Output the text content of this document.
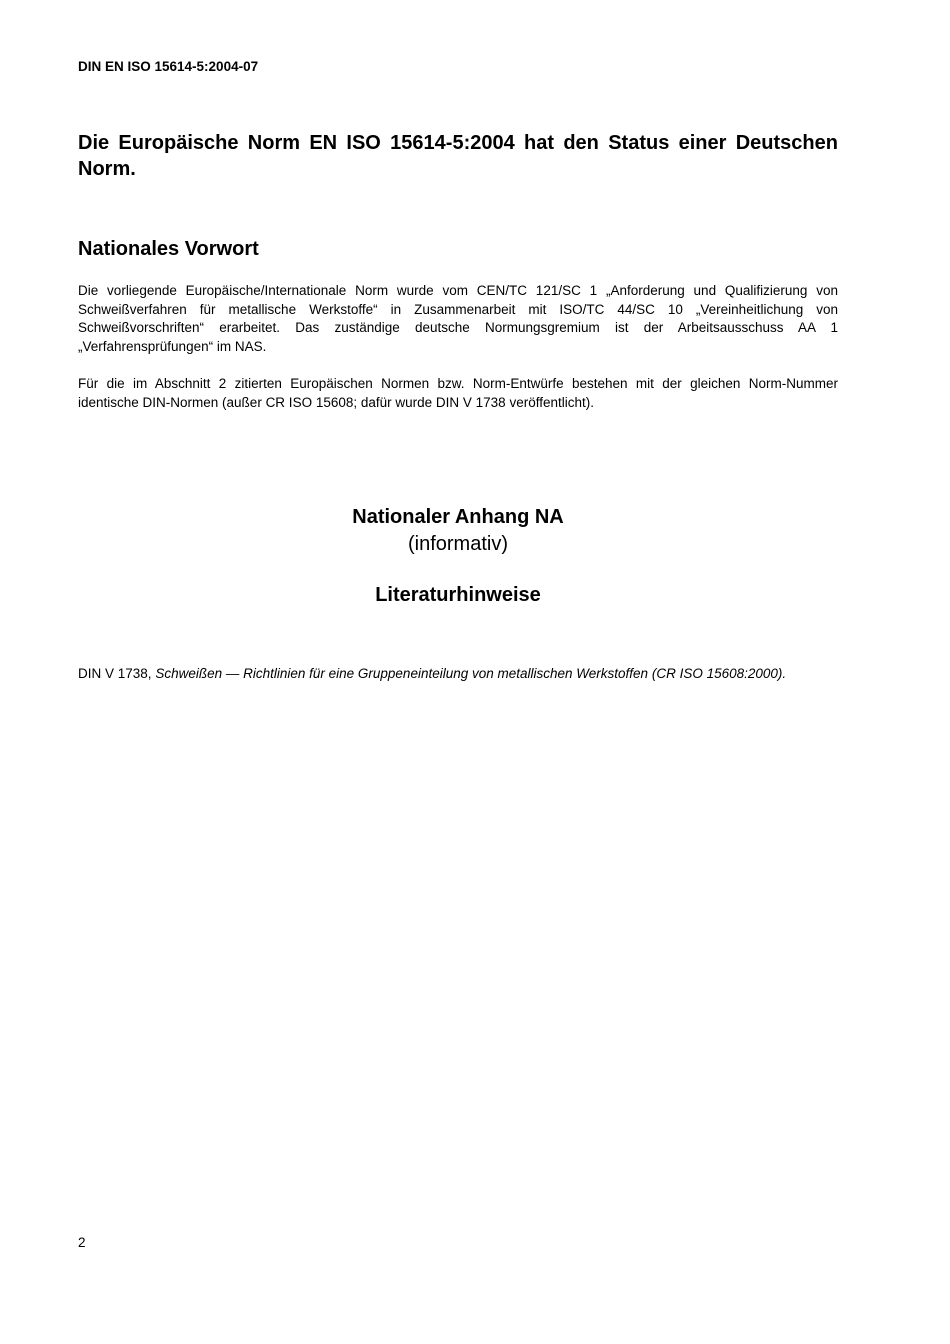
DIN EN ISO 15614-5:2004-07

Die Europäische Norm EN ISO 15614-5:2004 hat den Status einer Deutschen Norm.

Nationales Vorwort

Die vorliegende Europäische/Internationale Norm wurde vom CEN/TC 121/SC 1 „Anforderung und Qualifizierung von Schweißverfahren für metallische Werkstoffe“ in Zusammenarbeit mit ISO/TC 44/SC 10 „Vereinheitlichung von Schweißvorschriften“ erarbeitet. Das zuständige deutsche Normungsgremium ist der Arbeitsausschuss AA 1 „Verfahrensprüfungen“ im NAS.

Für die im Abschnitt 2 zitierten Europäischen Normen bzw. Norm-Entwürfe bestehen mit der gleichen Norm-Nummer identische DIN-Normen (außer CR ISO 15608; dafür wurde DIN V 1738 veröffentlicht).

Nationaler Anhang NA

(informativ)

Literaturhinweise

DIN V 1738, Schweißen — Richtlinien für eine Gruppeneinteilung von metallischen Werkstoffen (CR ISO 15608:2000).

2
